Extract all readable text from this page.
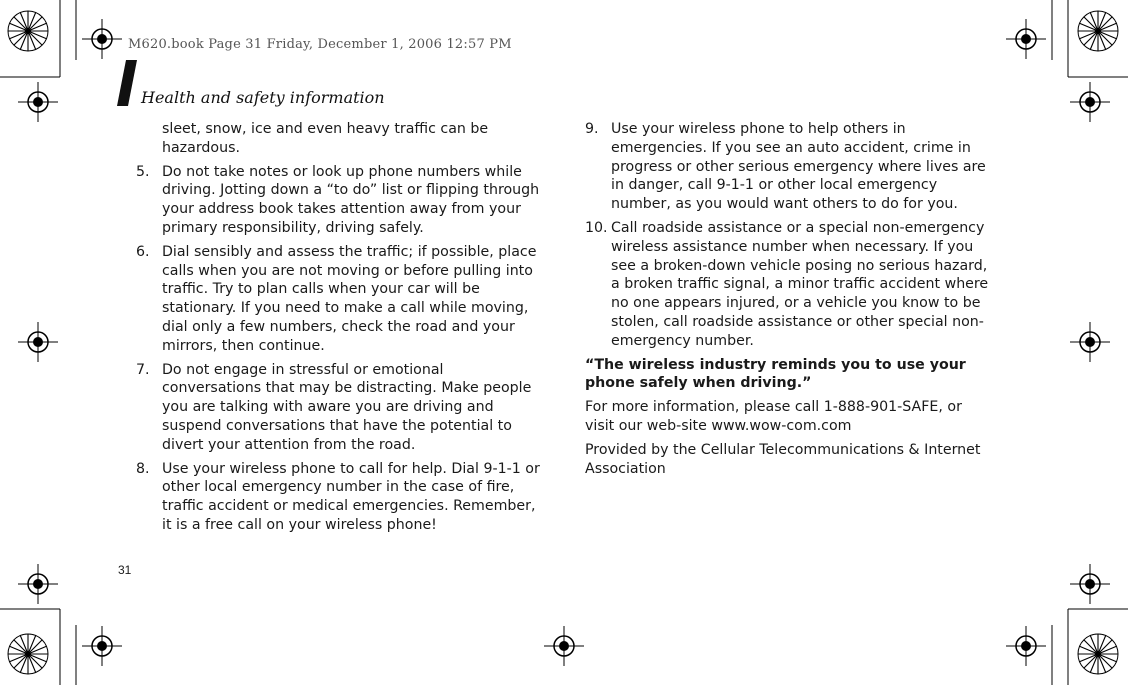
M620.book Page 31 Friday, December 1, 2006 12:57 PM
Health and safety information

sleet, snow, ice and even heavy traffic can be hazardous.

5. Do not take notes or look up phone numbers while driving. Jotting down a “to do” list or flipping through your address book takes attention away from your primary responsibility, driving safely.
6. Dial sensibly and assess the traffic; if possible, place calls when you are not moving or before pulling into traffic. Try to plan calls when your car will be stationary. If you need to make a call while moving, dial only a few numbers, check the road and your mirrors, then continue.
7. Do not engage in stressful or emotional conversations that may be distracting. Make people you are talking with aware you are driving and suspend conversations that have the potential to divert your attention from the road.
8. Use your wireless phone to call for help. Dial 9-1-1 or other local emergency number in the case of fire, traffic accident or medical emergencies. Remember, it is a free call on your wireless phone!
9. Use your wireless phone to help others in emergencies. If you see an auto accident, crime in progress or other serious emergency where lives are in danger, call 9-1-1 or other local emergency number, as you would want others to do for you.
10. Call roadside assistance or a special non-emergency wireless assistance number when necessary. If you see a broken-down vehicle posing no serious hazard, a broken traffic signal, a minor traffic accident where no one appears injured, or a vehicle you know to be stolen, call roadside assistance or other special non-emergency number.

“The wireless industry reminds you to use your phone safely when driving.”

For more information, please call 1-888-901-SAFE, or visit our web-site www.wow-com.com

Provided by the Cellular Telecommunications & Internet Association

31
